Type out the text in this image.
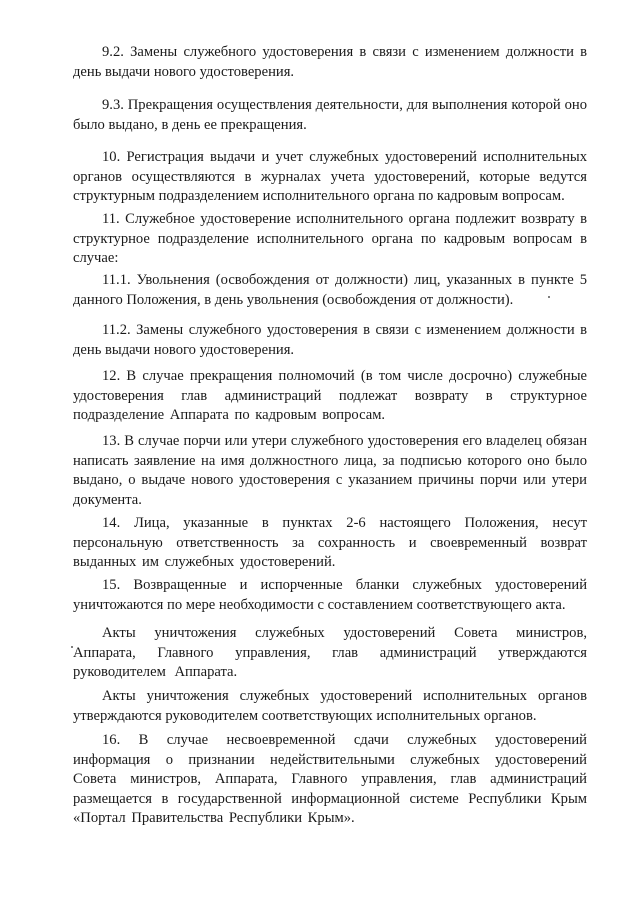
9.2. Замены служебного удостоверения в связи с изменением должности в день выдачи нового удостоверения.

9.3. Прекращения осуществления деятельности, для выполнения которой оно было выдано, в день ее прекращения.

10. Регистрация выдачи и учет служебных удостоверений исполнительных органов осуществляются в журналах учета удостоверений, которые ведутся структурным подразделением исполнительного органа по кадровым вопросам.

11. Служебное удостоверение исполнительного органа подлежит возврату в структурное подразделение исполнительного органа по кадровым вопросам в случае:

11.1. Увольнения (освобождения от должности) лиц, указанных в пункте 5 данного Положения, в день увольнения (освобождения от должности).

11.2. Замены служебного удостоверения в связи с изменением должности в день выдачи нового удостоверения.

12. В случае прекращения полномочий (в том числе досрочно) служебные удостоверения глав администраций подлежат возврату в структурное подразделение Аппарата по кадровым вопросам.

13. В случае порчи или утери служебного удостоверения его владелец обязан написать заявление на имя должностного лица, за подписью которого оно было выдано, о выдаче нового удостоверения с указанием причины порчи или утери документа.

14. Лица, указанные в пунктах 2-6 настоящего Положения, несут персональную ответственность за сохранность и своевременный возврат выданных им служебных удостоверений.

15. Возвращенные и испорченные бланки служебных удостоверений уничтожаются по мере необходимости с составлением соответствующего акта.

Акты уничтожения служебных удостоверений Совета министров, Аппарата, Главного управления, глав администраций утверждаются руководителем Аппарата.

Акты уничтожения служебных удостоверений исполнительных органов утверждаются руководителем соответствующих исполнительных органов.

16. В случае несвоевременной сдачи служебных удостоверений информация о признании недействительными служебных удостоверений Совета министров, Аппарата, Главного управления, глав администраций размещается в государственной информационной системе Республики Крым «Портал Правительства Республики Крым».
